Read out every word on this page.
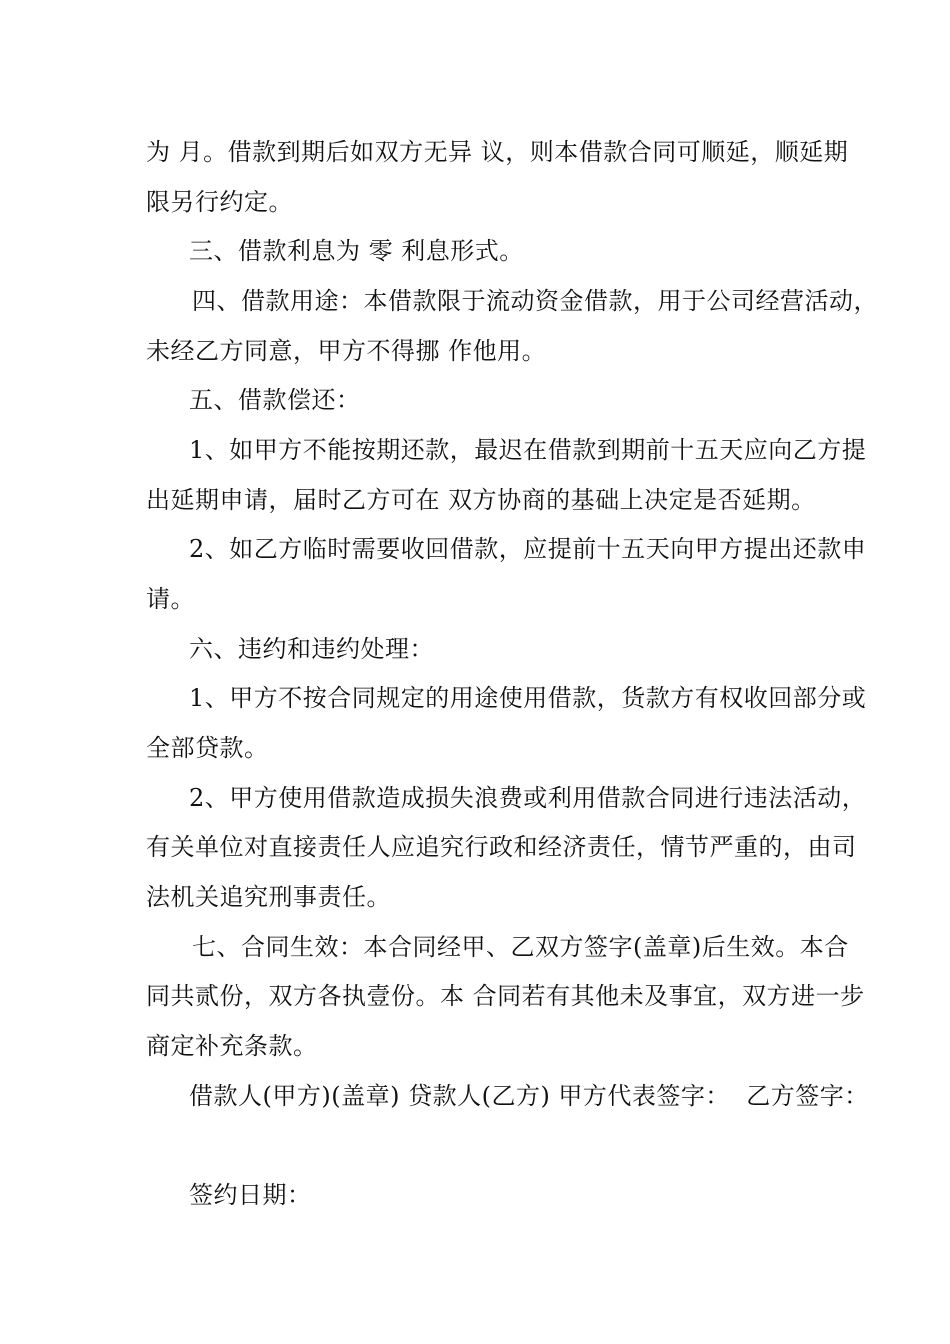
为 月。借款到期后如双方无异 议，则本借款合同可顺延，顺延期
限另行约定。
三、借款利息为 零 利息形式。
四、借款用途：本借款限于流动资金借款，用于公司经营活动，
未经乙方同意，甲方不得挪 作他用。
五、借款偿还：
1、如甲方不能按期还款，最迟在借款到期前十五天应向乙方提
出延期申请，届时乙方可在 双方协商的基础上决定是否延期。
2、如乙方临时需要收回借款，应提前十五天向甲方提出还款申
请。
六、违约和违约处理：
1、甲方不按合同规定的用途使用借款，货款方有权收回部分或
全部贷款。
2、甲方使用借款造成损失浪费或利用借款合同进行违法活动，
有关单位对直接责任人应追究行政和经济责任，情节严重的，由司
法机关追究刑事责任。
七、合同生效：本合同经甲、乙双方签字(盖章)后生效。本合
同共贰份，双方各执壹份。本 合同若有其他未及事宜，双方进一步
商定补充条款。
借款人(甲方)(盖章) 贷款人(乙方) 甲方代表签字：  乙方签字：
签约日期：
